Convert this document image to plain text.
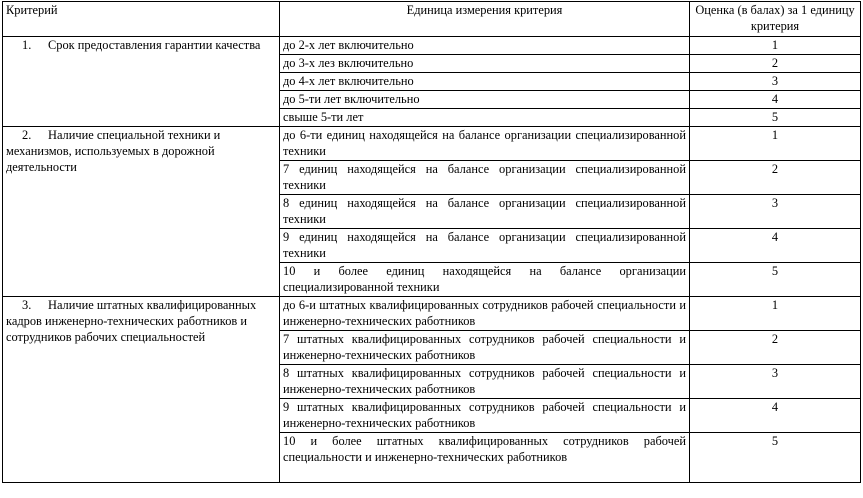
Критерий	Единица измерения критерия	Оценка (в балах) за 1 единицу критерия
1. Срок предоставления гарантии качества	до 2-х лет включительно	1
	до 3-х лез включительно	2
	до 4-х лет включительно	3
	до 5-ти лет включительно	4
	свыше 5-ти лет	5
2. Наличие специальной техники и механизмов, используемых в дорожной деятельности	до 6-ти единиц находящейся на балансе организации специализированной техники	1
	7 единиц находящейся на балансе организации специализированной техники	2
	8 единиц находящейся на балансе организации специализированной техники	3
	9 единиц находящейся на балансе организации специализированной техники	4
	10 и более единиц находящейся на балансе организации специализированной техники	5
3. Наличие штатных квалифицированных кадров инженерно-технических работников и сотрудников рабочих специальностей	до 6-и штатных квалифицированных сотрудников рабочей специальности и инженерно-технических работников	1
	7 штатных квалифицированных сотрудников рабочей специальности и инженерно-технических работников	2
	8 штатных квалифицированных сотрудников рабочей специальности и инженерно-технических работников	3
	9 штатных квалифицированных сотрудников рабочей специальности и инженерно-технических работников	4
	10 и более штатных квалифицированных сотрудников рабочей специальности и инженерно-технических работников	5
